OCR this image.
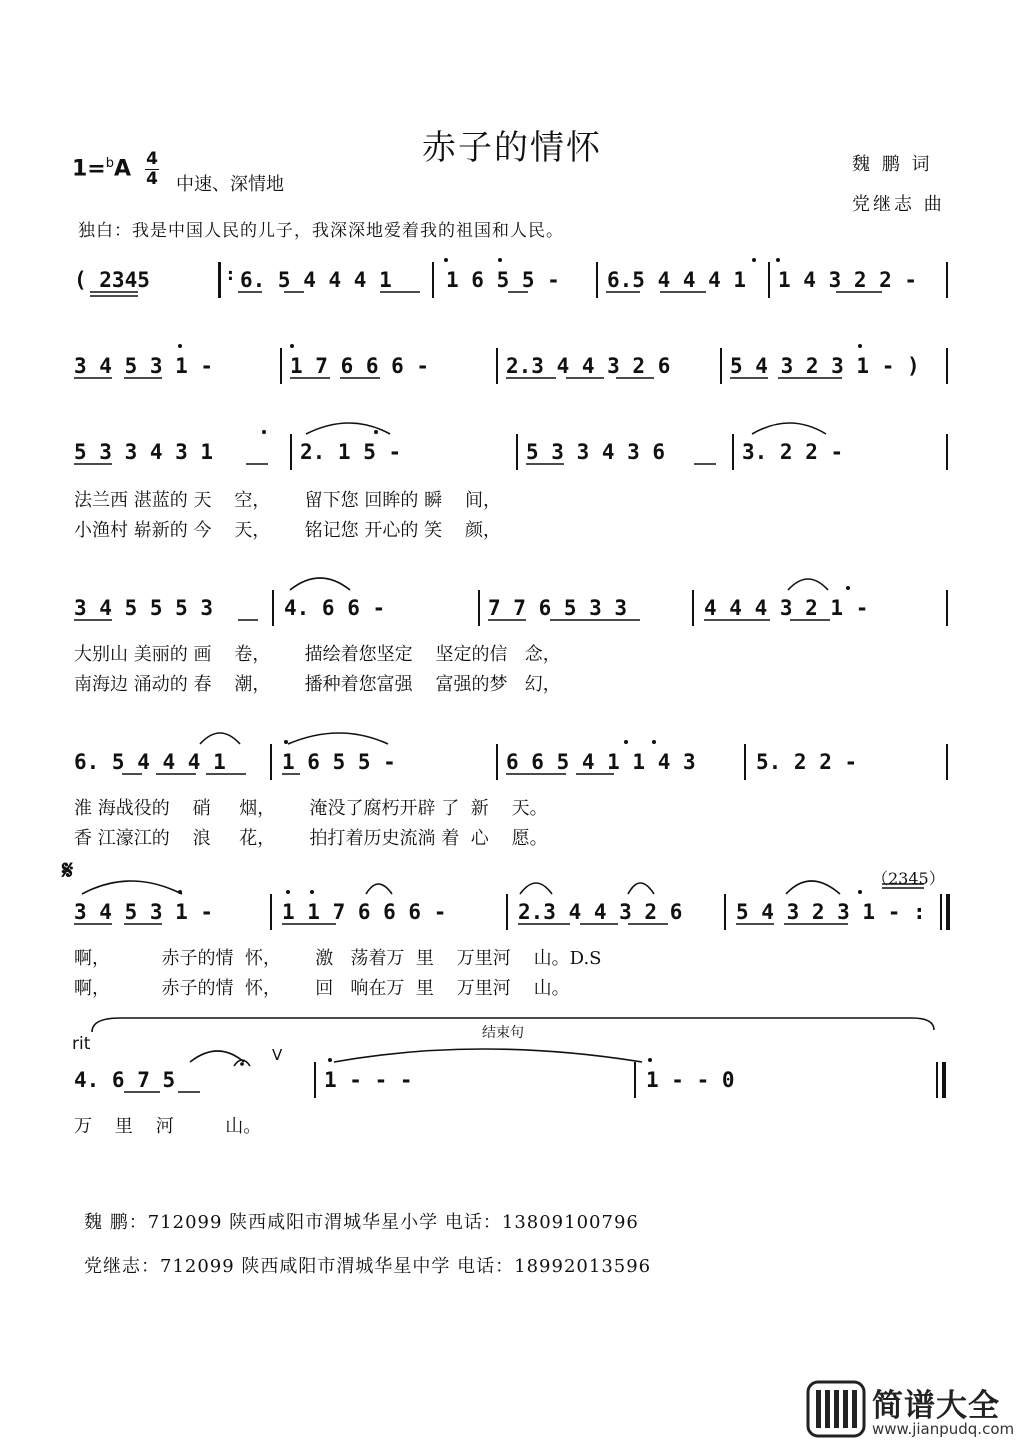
赤子的情怀
1=$^b$A 4
4 中速、深情地
魏 鹏 词
党继志 曲
独白：我是中国人民的儿子，我深深地爱着我的祖国和人民。
( 2345	6. 5 4 4 4 1	1 6 5 5 - 6.5 4 4 4 1 1 4 3 2 2 -
:
3 4 5 3 1 -	1 7 6 6 6 -	2.3 4 4 3 2 6	5 4 3 2 3 1 - )
5 3 3 4 3 1	2. 1 5 -	5 3 3 4 3 6	3. 2 2 -
法兰西 湛蓝的 天    空，      留下您 回眸的 瞬    间，
小渔村 崭新的 今    天，      铭记您 开心的 笑    颜，
3 4 5 5 5 3	4. 6 6 -	7 7 6 5 3 3	4 4 4 3 2 1 -
大别山 美丽的 画    卷，      描绘着您坚定    坚定的信   念，
南海边 涌动的 春    潮，      播种着您富强    富强的梦   幻，
6. 5 4 4 4 1	1 6 5 5 -	6 6 5 4 1 1 4 3	5. 2 2 -
淮 海战役的    硝     烟，      淹没了腐朽开辟 了  新    天。
香 江濠江的    浪     花，      拍打着历史流淌 着  心    愿。
𝄋	（2345）
3 4 5 3 1 -	1 1 7 6 6 6 -	2.3 4 4 3 2 6	5 4 3 2 3 1 - :
啊，         赤子的情  怀，      激   荡着万  里    万里河    山。D.S
啊，         赤子的情  怀，      回   响在万  里    万里河    山。
结束句
rit
V
4. 6 7 5	1 - - -	1 - - 0
万    里    河         山。
魏 鹏：712099 陕西咸阳市渭城华星小学 电话：13809100796
党继志：712099 陕西咸阳市渭城华星中学 电话：18992013596
简谱大全
www.jianpudq.com
